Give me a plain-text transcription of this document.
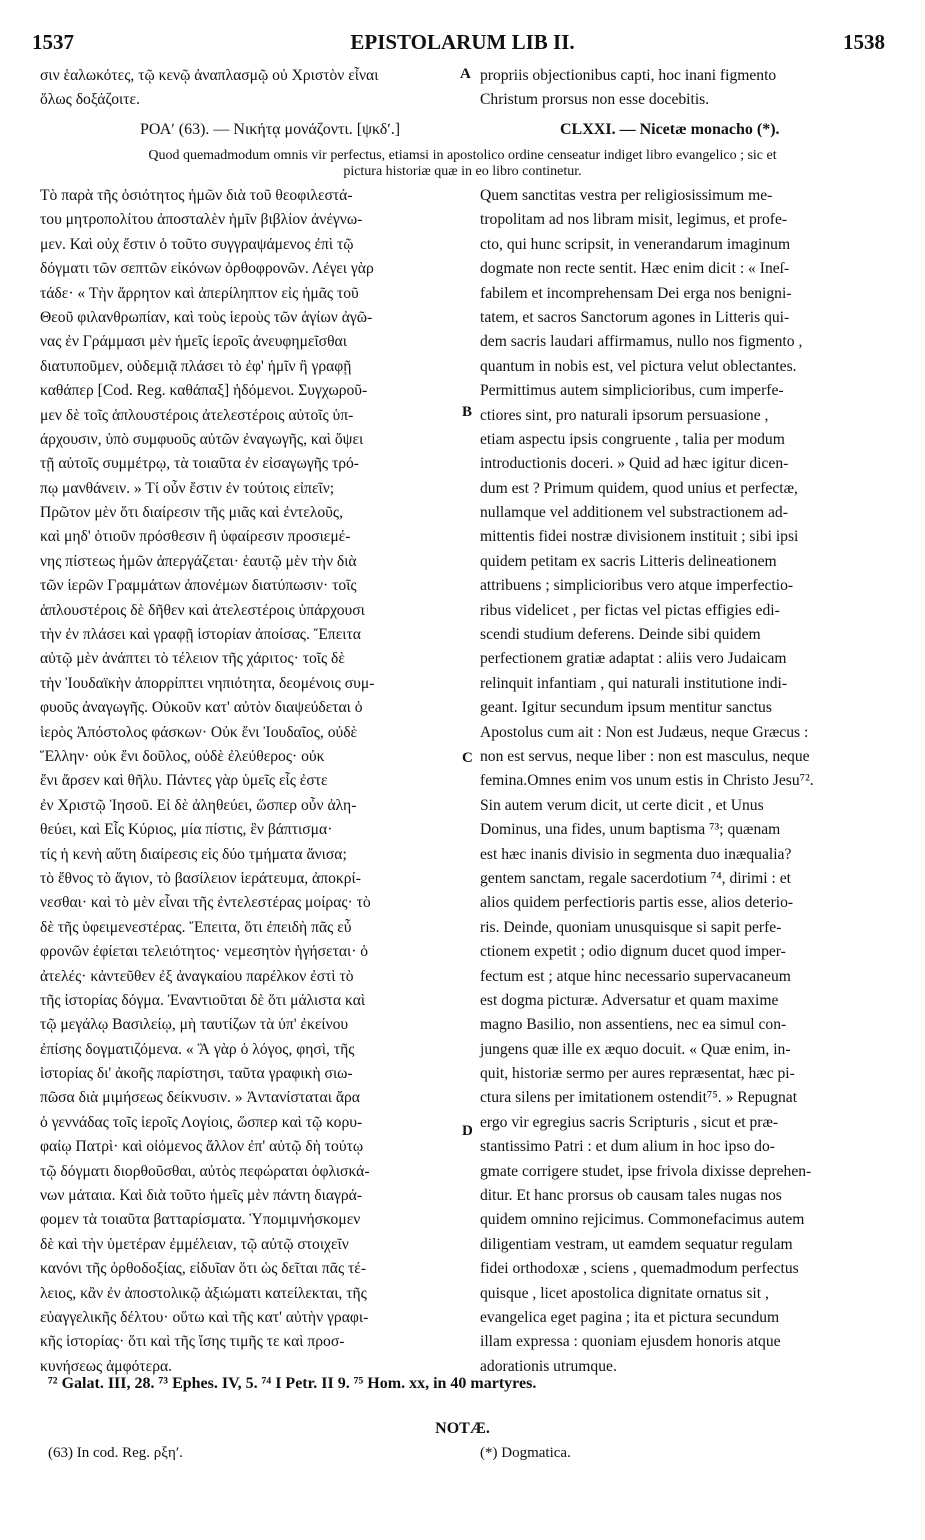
1537	EPISTOLARUM LIB II.	1538
σιν ἑαλωκότες, τῷ κενῷ ἀναπλασμῷ οὐ Χριστὸν εἶναι
ὅλως δοξάζοιτε.
propriis objectionibus capti, hoc inani figmento
Christum prorsus non esse docebitis.
ΡΟΑʹ (63). — Νικήτᾳ μονάζοντι. [ψκδʹ.]	CLXXI. — Nicetæ monacho (*).
Quod quemadmodum omnis vir perfectus, etiamsi in apostolico ordine censeatur indiget libro evangelico ; sic et
pictura historiæ quæ in eo libro continetur.
Τὸ παρὰ τῆς ὁσιότητος ἡμῶν διὰ τοῦ θεοφιλεστά-
του μητροπολίτου ἀποσταλὲν ἡμῖν βιβλίον ἀνέγνω-
μεν. Καὶ οὐχ ἔστιν ὁ τοῦτο συγγραψάμενος ἐπὶ τῷ
δόγματι τῶν σεπτῶν εἰκόνων ὀρθοφρονῶν. Λέγει γὰρ
τάδε· « Τὴν ἄρρητον καὶ ἀπερίληπτον εἰς ἡμᾶς τοῦ
Θεοῦ φιλανθρωπίαν, καὶ τοὺς ἱεροὺς τῶν ἁγίων ἀγῶ-
νας ἐν Γράμμασι μὲν ἡμεῖς ἱεροῖς ἀνευφημεῖσθαι
διατυποῦμεν, οὐδεμιᾷ πλάσει τὸ ἐφ' ἡμῖν ἢ γραφῇ
καθάπερ [Cod. Reg. καθάπαξ] ἡδόμενοι. Συγχωροῦ-
μεν δὲ τοῖς ἁπλουστέροις ἀτελεστέροις αὐτοῖς ὑπ-
άρχουσιν, ὑπὸ συμφυοῦς αὐτῶν ἐναγωγῆς, καὶ ὄψει
τῇ αὐτοῖς συμμέτρῳ, τὰ τοιαῦτα ἐν εἰσαγωγῆς τρό-
πῳ μανθάνειν. » Τί οὖν ἔστιν ἐν τούτοις εἰπεῖν;
Πρῶτον μὲν ὅτι διαίρεσιν τῆς μιᾶς καὶ ἐντελοῦς,
καὶ μηδ' ὁτιοῦν πρόσθεσιν ἢ ὑφαίρεσιν προσιεμέ-
νης πίστεως ἡμῶν ἀπεργάζεται· ἑαυτῷ μὲν τὴν διὰ
τῶν ἱερῶν Γραμμάτων ἀπονέμων διατύπωσιν· τοῖς
ἁπλουστέροις δὲ δῆθεν καὶ ἀτελεστέροις ὑπάρχουσι
τὴν ἐν πλάσει καὶ γραφῇ ἱστορίαν ἀποίσας. Ἔπειτα
αὐτῷ μὲν ἀνάπτει τὸ τέλειον τῆς χάριτος· τοῖς δὲ
τὴν Ἰουδαϊκὴν ἀπορρίπτει νηπιότητα, δεομένοις συμ-
φυοῦς ἀναγωγῆς. Οὐκοῦν κατ' αὐτὸν διαψεύδεται ὁ
ἱερὸς Ἀπόστολος φάσκων· Οὐκ ἔνι Ἰουδαῖος, οὐδὲ
Ἕλλην· οὐκ ἔνι δοῦλος, οὐδὲ ἐλεύθερος· οὐκ
ἔνι ἄρσεν καὶ θῆλυ. Πάντες γὰρ ὑμεῖς εἷς ἐστε
ἐν Χριστῷ Ἰησοῦ. Εἰ δὲ ἀληθεύει, ὥσπερ οὖν ἀλη-
θεύει, καὶ Εἷς Κύριος, μία πίστις, ἓν βάπτισμα·
τίς ἡ κενὴ αὕτη διαίρεσις εἰς δύο τμήματα ἄνισα;
τὸ ἔθνος τὸ ἅγιον, τὸ βασίλειον ἱεράτευμα, ἀποκρί-
νεσθαι· καὶ τὸ μὲν εἶναι τῆς ἐντελεστέρας μοίρας· τὸ
δὲ τῆς ὑφειμενεστέρας. Ἔπειτα, ὅτι ἐπειδὴ πᾶς εὖ
φρονῶν ἐφίεται τελειότητος· νεμεσητὸν ἡγήσεται· ὁ
ἀτελές· κἀντεῦθεν ἐξ ἀναγκαίου παρέλκον ἐστὶ τὸ
τῆς ἱστορίας δόγμα. Ἐναντιοῦται δὲ ὅτι μάλιστα καὶ
τῷ μεγάλῳ Βασιλείῳ, μὴ ταυτίζων τὰ ὑπ' ἐκείνου
ἐπίσης δογματιζόμενα. « Ἃ γὰρ ὁ λόγος, φησὶ, τῆς
ἱστορίας δι' ἀκοῆς παρίστησι, ταῦτα γραφικὴ σιω-
πῶσα διὰ μιμήσεως δείκνυσιν. » Ἀντανίσταται ἄρα
ὁ γεννάδας τοῖς ἱεροῖς Λογίοις, ὥσπερ καὶ τῷ κορυ-
φαίῳ Πατρὶ· καὶ οἰόμενος ἄλλον ἐπ' αὐτῷ δὴ τούτῳ
τῷ δόγματι διορθοῦσθαι, αὐτὸς πεφώραται ὀφλισκά-
νων μάταια. Καὶ διὰ τοῦτο ἡμεῖς μὲν πάντη διαγρά-
φομεν τὰ τοιαῦτα βατταρίσματα. Ὑπομιμνήσκομεν
δὲ καὶ τὴν ὑμετέραν ἐμμέλειαν, τῷ αὐτῷ στοιχεῖν
κανόνι τῆς ὀρθοδοξίας, εἰδυῖαν ὅτι ὡς δεῖται πᾶς τέ-
λειος, κἂν ἐν ἀποστολικῷ ἀξιώματι κατείλεκται, τῆς
εὐαγγελικῆς δέλτου· οὕτω καὶ τῆς κατ' αὐτὴν γραφι-
κῆς ἱστορίας· ὅτι καὶ τῆς ἴσης τιμῆς τε καὶ προσ-
κυνήσεως ἀμφότερα.
Quem sanctitas vestra per religiosissimum me-
tropolitam ad nos libram misit, legimus, et profe-
cto, qui hunc scripsit, in venerandarum imaginum
dogmate non recte sentit. Hæc enim dicit : « Ineſ-
fabilem et incomprehensam Dei erga nos benigni-
tatem, et sacros Sanctorum agones in Litteris qui-
dem sacris laudari affirmamus, nullo nos figmento ,
quantum in nobis est, vel pictura velut oblectantes.
Permittimus autem simplicioribus, cum imperfe-
ctiores sint, pro naturali ipsorum persuasione ,
etiam aspectu ipsis congruente , talia per modum
introductionis doceri. » Quid ad hæc igitur dicen-
dum est ? Primum quidem, quod unius et perfectæ,
nullamque vel additionem vel substractionem ad-
mittentis fidei nostræ divisionem instituit ; sibi ipsi
quidem petitam ex sacris Litteris delineationem
attribuens ; simplicioribus vero atque imperfectio-
ribus videlicet , per fictas vel pictas effigies edi-
scendi studium deferens. Deinde sibi quidem
perfectionem gratiæ adaptat : aliis vero Judaicam
relinquit infantiam , qui naturali institutione indi-
geant. Igitur secundum ipsum mentitur sanctus
Apostolus cum ait : Non est Judæus, neque Græcus :
non est servus, neque liber : non est masculus, neque
femina.Omnes enim vos unum estis in Christo Jesu⁷².
Sin autem verum dicit, ut certe dicit , et Unus
Dominus, una fides, unum baptisma ⁷³; quænam
est hæc inanis divisio in segmenta duo inæqualia?
gentem sanctam, regale sacerdotium ⁷⁴, dirimi : et
alios quidem perfectioris partis esse, alios deterio-
ris. Deinde, quoniam unusquisque si sapit perfe-
ctionem expetit ; odio dignum ducet quod imper-
fectum est ; atque hinc necessario supervacaneum
est dogma picturæ. Adversatur et quam maxime
magno Basilio, non assentiens, nec ea simul con-
jungens quæ ille ex æquo docuit. « Quæ enim, in-
quit, historiæ sermo per aures repræsentat, hæc pi-
ctura silens per imitationem ostendit⁷⁵. » Repugnat
ergo vir egregius sacris Scripturis , sicut et præ-
stantissimo Patri : et dum alium in hoc ipso do-
gmate corrigere studet, ipse frivola dixisse deprehen-
ditur. Et hanc prorsus ob causam tales nugas nos
quidem omnino rejicimus. Commonefacimus autem
diligentiam vestram, ut eamdem sequatur regulam
fidei orthodoxæ , sciens , quemadmodum perfectus
quisque , licet apostolica dignitate ornatus sit ,
evangelica eget pagina ; ita et pictura secundum
illam expressa : quoniam ejusdem honoris atque
adorationis utrumque.
A
B
C
D
⁷² Galat. III, 28. ⁷³ Ephes. IV, 5. ⁷⁴ I Petr. II 9. ⁷⁵ Hom. xx, in 40 martyres.
NOTÆ.
(63) In cod. Reg. ρξηʹ.	(*) Dogmatica.
